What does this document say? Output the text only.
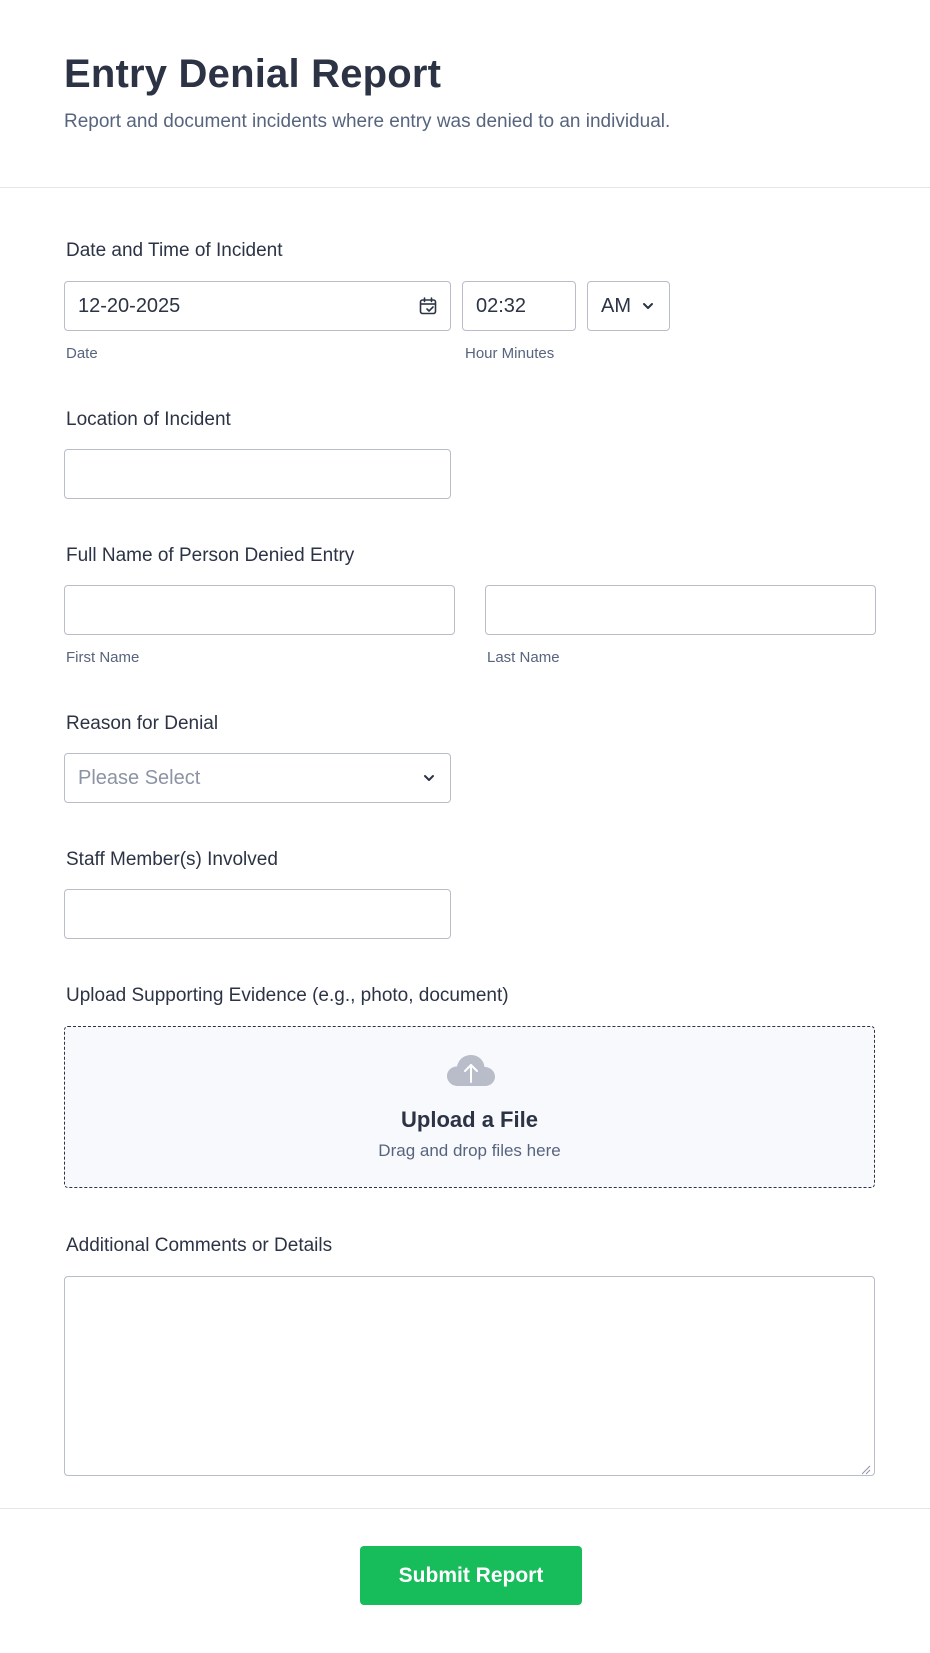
Entry Denial Report
Report and document incidents where entry was denied to an individual.
Date and Time of Incident
12-20-2025
Date
02:32
Hour Minutes
AM
Location of Incident
Full Name of Person Denied Entry
First Name	Last Name
Reason for Denial
Please Select
Staff Member(s) Involved
Upload Supporting Evidence (e.g., photo, document)
Upload a File
Drag and drop files here
Additional Comments or Details
Submit Report
